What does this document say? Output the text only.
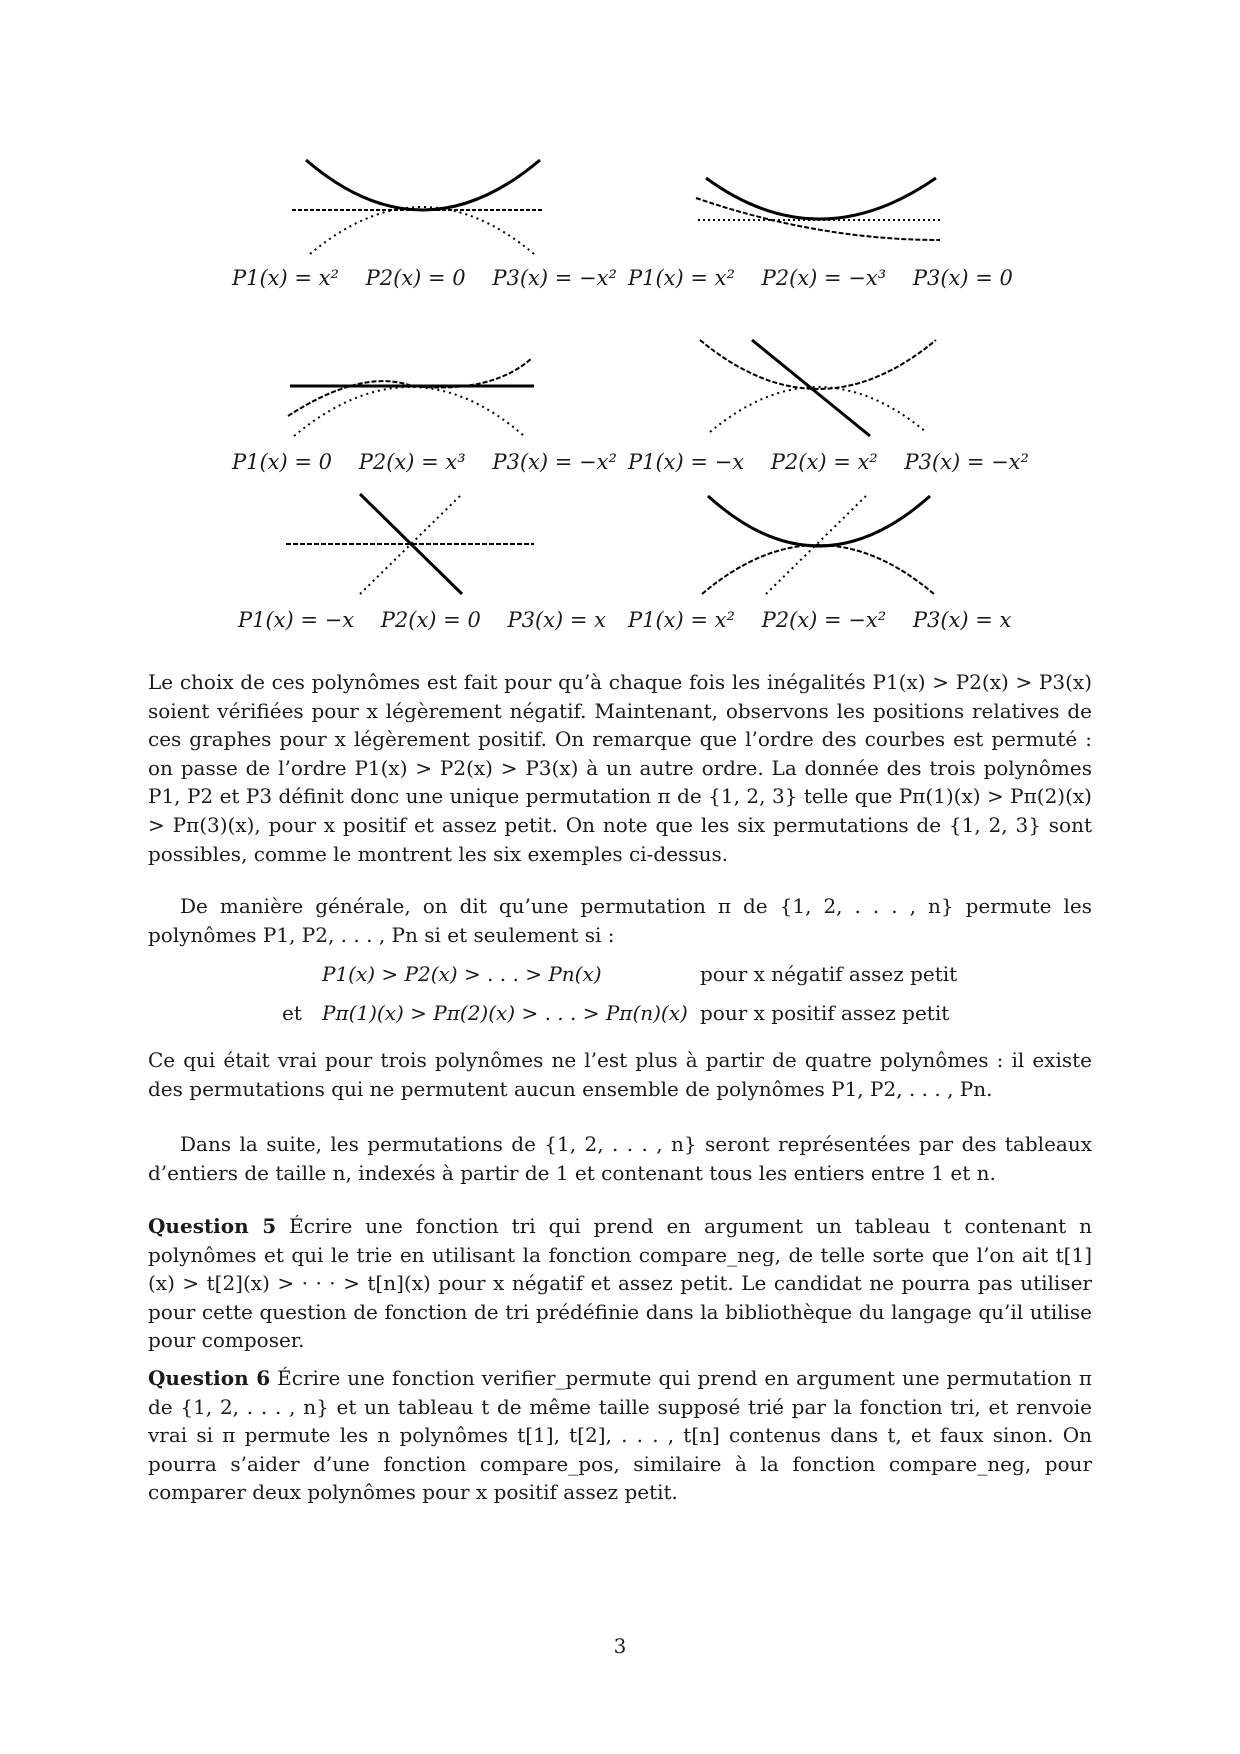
P1(x) = x² P2(x) = 0 P3(x) = −x² P1(x) = x² P2(x) = −x³ P3(x) = 0
P1(x) = 0 P2(x) = x³ P3(x) = −x² P1(x) = −x P2(x) = x² P3(x) = −x²
P1(x) = −x P2(x) = 0 P3(x) = x	P1(x) = x² P2(x) = −x² P3(x) = x
Le choix de ces polynômes est fait pour qu’à chaque fois les inégalités P1(x) > P2(x) > P3(x) soient vérifiées pour x légèrement négatif. Maintenant, observons les positions relatives de ces graphes pour x légèrement positif. On remarque que l’ordre des courbes est permuté : on passe de l’ordre P1(x) > P2(x) > P3(x) à un autre ordre. La donnée des trois polynômes P1, P2 et P3 définit donc une unique permutation π de {1, 2, 3} telle que Pπ(1)(x) > Pπ(2)(x) > Pπ(3)(x), pour x positif et assez petit. On note que les six permutations de {1, 2, 3} sont possibles, comme le montrent les six exemples ci-dessus.
De manière générale, on dit qu’une permutation π de {1, 2, . . . , n} permute les polynômes P1, P2, . . . , Pn si et seulement si :
P1(x) > P2(x) > . . . > Pn(x)	pour x négatif assez petit
et Pπ(1)(x) > Pπ(2)(x) > . . . > Pπ(n)(x) pour x positif assez petit
Ce qui était vrai pour trois polynômes ne l’est plus à partir de quatre polynômes : il existe des permutations qui ne permutent aucun ensemble de polynômes P1, P2, . . . , Pn.
Dans la suite, les permutations de {1, 2, . . . , n} seront représentées par des tableaux d’entiers de taille n, indexés à partir de 1 et contenant tous les entiers entre 1 et n.
Question 5 Écrire une fonction tri qui prend en argument un tableau t contenant n polynômes et qui le trie en utilisant la fonction compare_neg, de telle sorte que l’on ait t[1](x) > t[2](x) > · · · > t[n](x) pour x négatif et assez petit. Le candidat ne pourra pas utiliser pour cette question de fonction de tri prédéfinie dans la bibliothèque du langage qu’il utilise pour composer.
Question 6 Écrire une fonction verifier_permute qui prend en argument une permutation π de {1, 2, . . . , n} et un tableau t de même taille supposé trié par la fonction tri, et renvoie vrai si π permute les n polynômes t[1], t[2], . . . , t[n] contenus dans t, et faux sinon. On pourra s’aider d’une fonction compare_pos, similaire à la fonction compare_neg, pour comparer deux polynômes pour x positif assez petit.
3
